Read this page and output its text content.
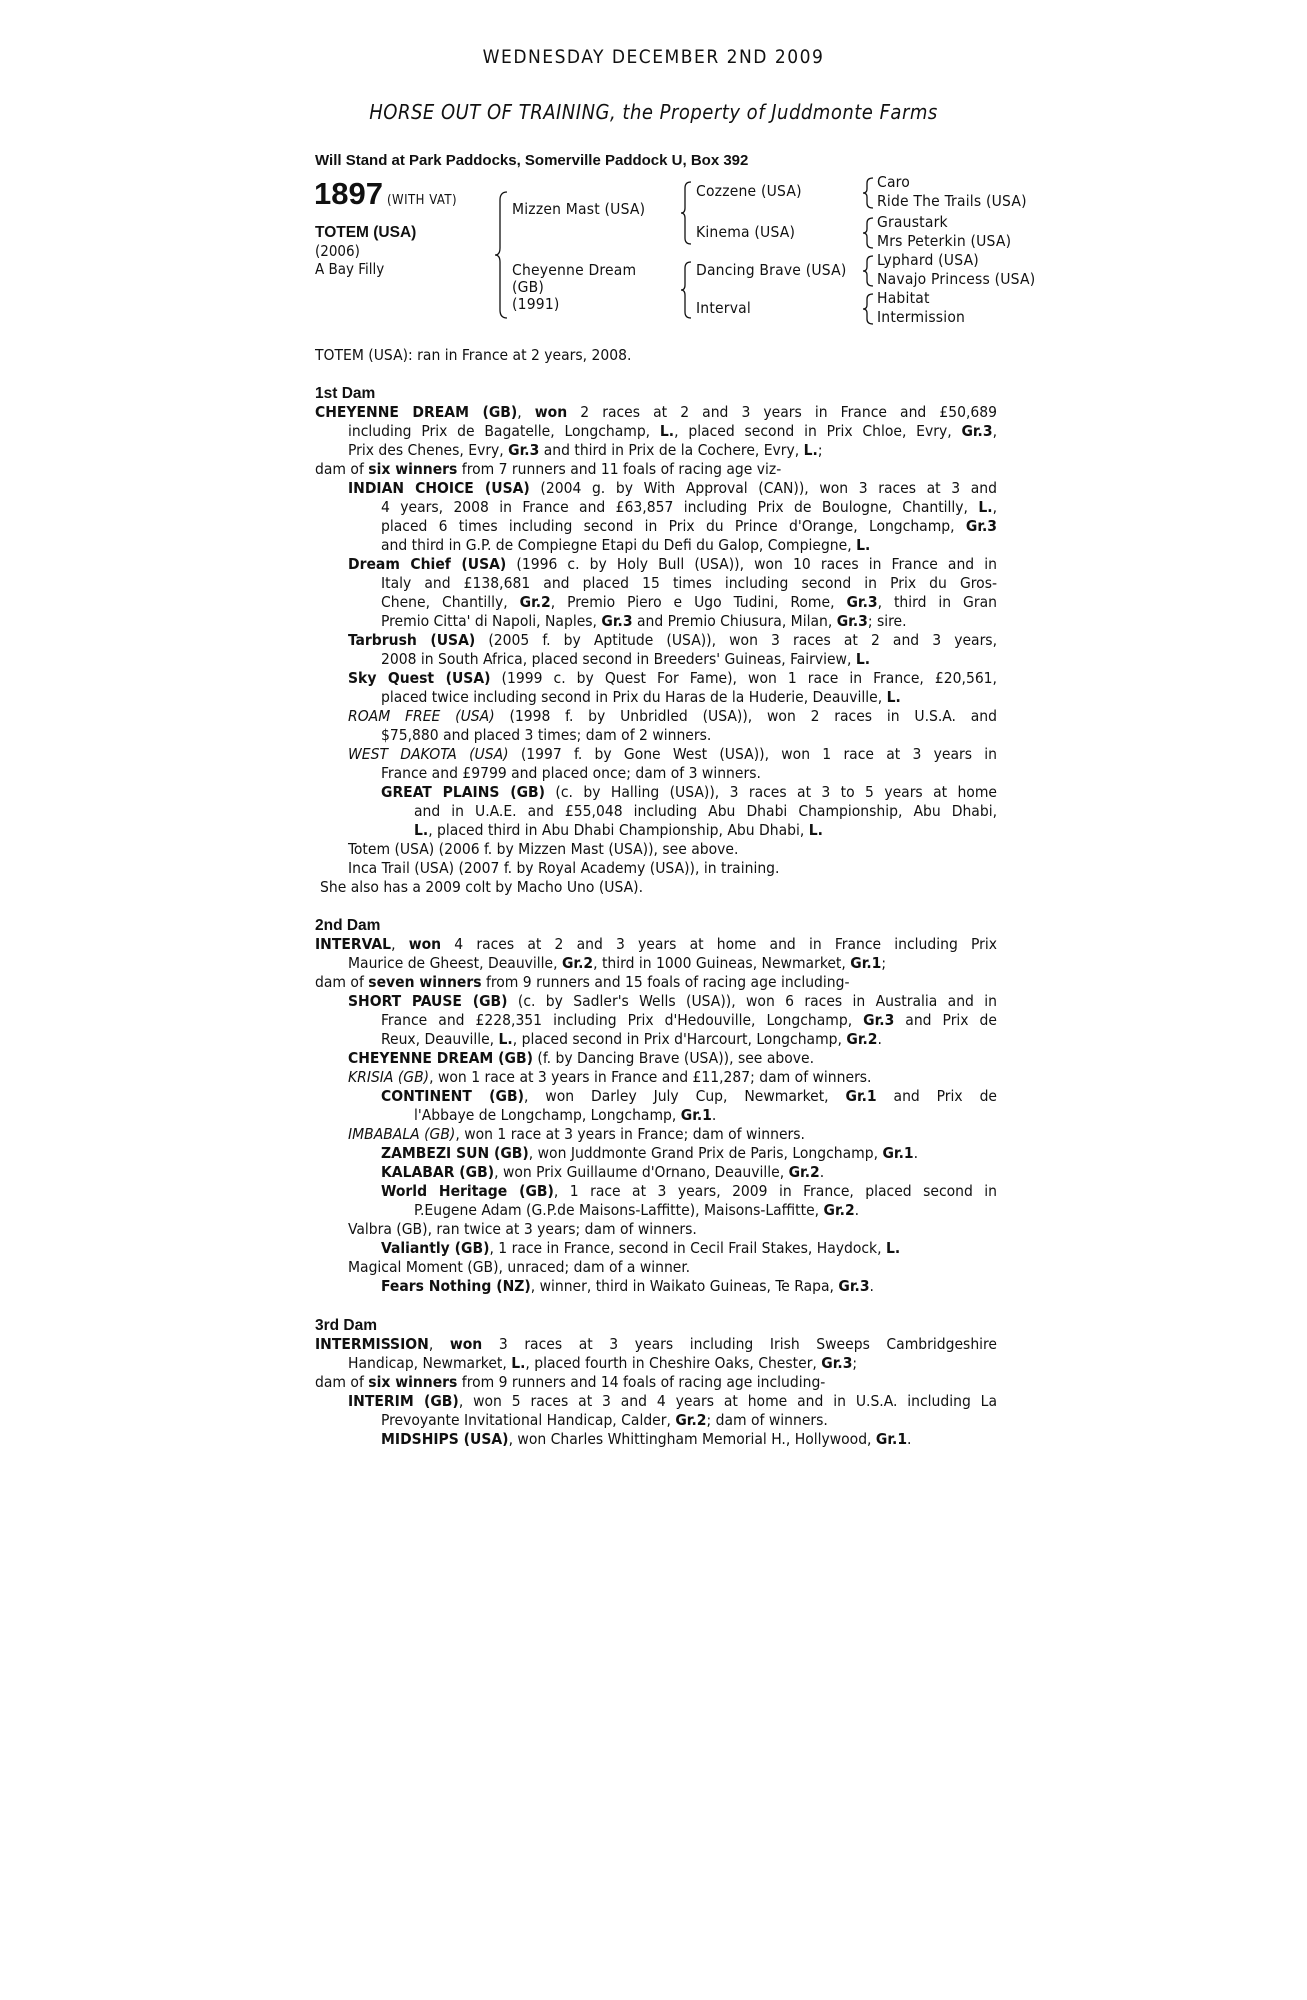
WEDNESDAY DECEMBER 2ND 2009
HORSE OUT OF TRAINING, the Property of Juddmonte Farms
Will Stand at Park Paddocks, Somerville Paddock U, Box 392
1897 (WITH VAT)
TOTEM (USA)
(2006)
A Bay Filly
Mizzen Mast (USA)
Cheyenne Dream
(GB)
(1991)
Cozzene (USA)
Kinema (USA)
Dancing Brave (USA)
Interval
Caro
Ride The Trails (USA)
Graustark
Mrs Peterkin (USA)
Lyphard (USA)
Navajo Princess (USA)
Habitat
Intermission
TOTEM (USA): ran in France at 2 years, 2008.
1st Dam
CHEYENNE DREAM (GB), won 2 races at 2 and 3 years in France and £50,689
including Prix de Bagatelle, Longchamp, L., placed second in Prix Chloe, Evry, Gr.3,
Prix des Chenes, Evry, Gr.3 and third in Prix de la Cochere, Evry, L.;
dam of six winners from 7 runners and 11 foals of racing age viz-
INDIAN CHOICE (USA) (2004 g. by With Approval (CAN)), won 3 races at 3 and
4 years, 2008 in France and £63,857 including Prix de Boulogne, Chantilly, L.,
placed 6 times including second in Prix du Prince d'Orange, Longchamp, Gr.3
and third in G.P. de Compiegne Etapi du Defi du Galop, Compiegne, L.
Dream Chief (USA) (1996 c. by Holy Bull (USA)), won 10 races in France and in
Italy and £138,681 and placed 15 times including second in Prix du Gros-
Chene, Chantilly, Gr.2, Premio Piero e Ugo Tudini, Rome, Gr.3, third in Gran
Premio Citta' di Napoli, Naples, Gr.3 and Premio Chiusura, Milan, Gr.3; sire.
Tarbrush (USA) (2005 f. by Aptitude (USA)), won 3 races at 2 and 3 years,
2008 in South Africa, placed second in Breeders' Guineas, Fairview, L.
Sky Quest (USA) (1999 c. by Quest For Fame), won 1 race in France, £20,561,
placed twice including second in Prix du Haras de la Huderie, Deauville, L.
ROAM FREE (USA) (1998 f. by Unbridled (USA)), won 2 races in U.S.A. and
$75,880 and placed 3 times; dam of 2 winners.
WEST DAKOTA (USA) (1997 f. by Gone West (USA)), won 1 race at 3 years in
France and £9799 and placed once; dam of 3 winners.
GREAT PLAINS (GB) (c. by Halling (USA)), 3 races at 3 to 5 years at home
and in U.A.E. and £55,048 including Abu Dhabi Championship, Abu Dhabi,
L., placed third in Abu Dhabi Championship, Abu Dhabi, L.
Totem (USA) (2006 f. by Mizzen Mast (USA)), see above.
Inca Trail (USA) (2007 f. by Royal Academy (USA)), in training.
She also has a 2009 colt by Macho Uno (USA).
2nd Dam
INTERVAL, won 4 races at 2 and 3 years at home and in France including Prix
Maurice de Gheest, Deauville, Gr.2, third in 1000 Guineas, Newmarket, Gr.1;
dam of seven winners from 9 runners and 15 foals of racing age including-
SHORT PAUSE (GB) (c. by Sadler's Wells (USA)), won 6 races in Australia and in
France and £228,351 including Prix d'Hedouville, Longchamp, Gr.3 and Prix de
Reux, Deauville, L., placed second in Prix d'Harcourt, Longchamp, Gr.2.
CHEYENNE DREAM (GB) (f. by Dancing Brave (USA)), see above.
KRISIA (GB), won 1 race at 3 years in France and £11,287; dam of winners.
CONTINENT (GB), won Darley July Cup, Newmarket, Gr.1 and Prix de
l'Abbaye de Longchamp, Longchamp, Gr.1.
IMBABALA (GB), won 1 race at 3 years in France; dam of winners.
ZAMBEZI SUN (GB), won Juddmonte Grand Prix de Paris, Longchamp, Gr.1.
KALABAR (GB), won Prix Guillaume d'Ornano, Deauville, Gr.2.
World Heritage (GB), 1 race at 3 years, 2009 in France, placed second in
P.Eugene Adam (G.P.de Maisons-Laffitte), Maisons-Laffitte, Gr.2.
Valbra (GB), ran twice at 3 years; dam of winners.
Valiantly (GB), 1 race in France, second in Cecil Frail Stakes, Haydock, L.
Magical Moment (GB), unraced; dam of a winner.
Fears Nothing (NZ), winner, third in Waikato Guineas, Te Rapa, Gr.3.
3rd Dam
INTERMISSION, won 3 races at 3 years including Irish Sweeps Cambridgeshire
Handicap, Newmarket, L., placed fourth in Cheshire Oaks, Chester, Gr.3;
dam of six winners from 9 runners and 14 foals of racing age including-
INTERIM (GB), won 5 races at 3 and 4 years at home and in U.S.A. including La
Prevoyante Invitational Handicap, Calder, Gr.2; dam of winners.
MIDSHIPS (USA), won Charles Whittingham Memorial H., Hollywood, Gr.1.
